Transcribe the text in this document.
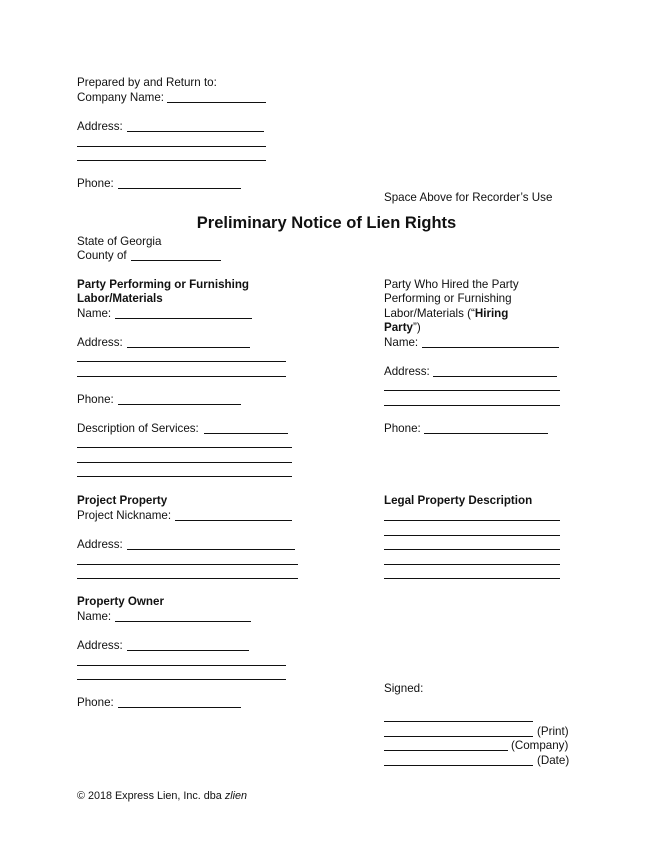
Prepared by and Return to:
Company Name:
Address:
Phone:
Space Above for Recorder’s Use
Preliminary Notice of Lien Rights
State of Georgia
County of
Party Performing or Furnishing
Labor/Materials
Name:
Address:
Phone:
Description of Services:
Party Who Hired the Party
Performing or Furnishing
Labor/Materials (“Hiring
Party”)
Name:
Address:
Phone:
Project Property
Project Nickname:
Address:
Legal Property Description
Property Owner
Name:
Address:
Phone:
Signed:
(Print)
(Company)
(Date)
© 2018 Express Lien, Inc. dba zlien
